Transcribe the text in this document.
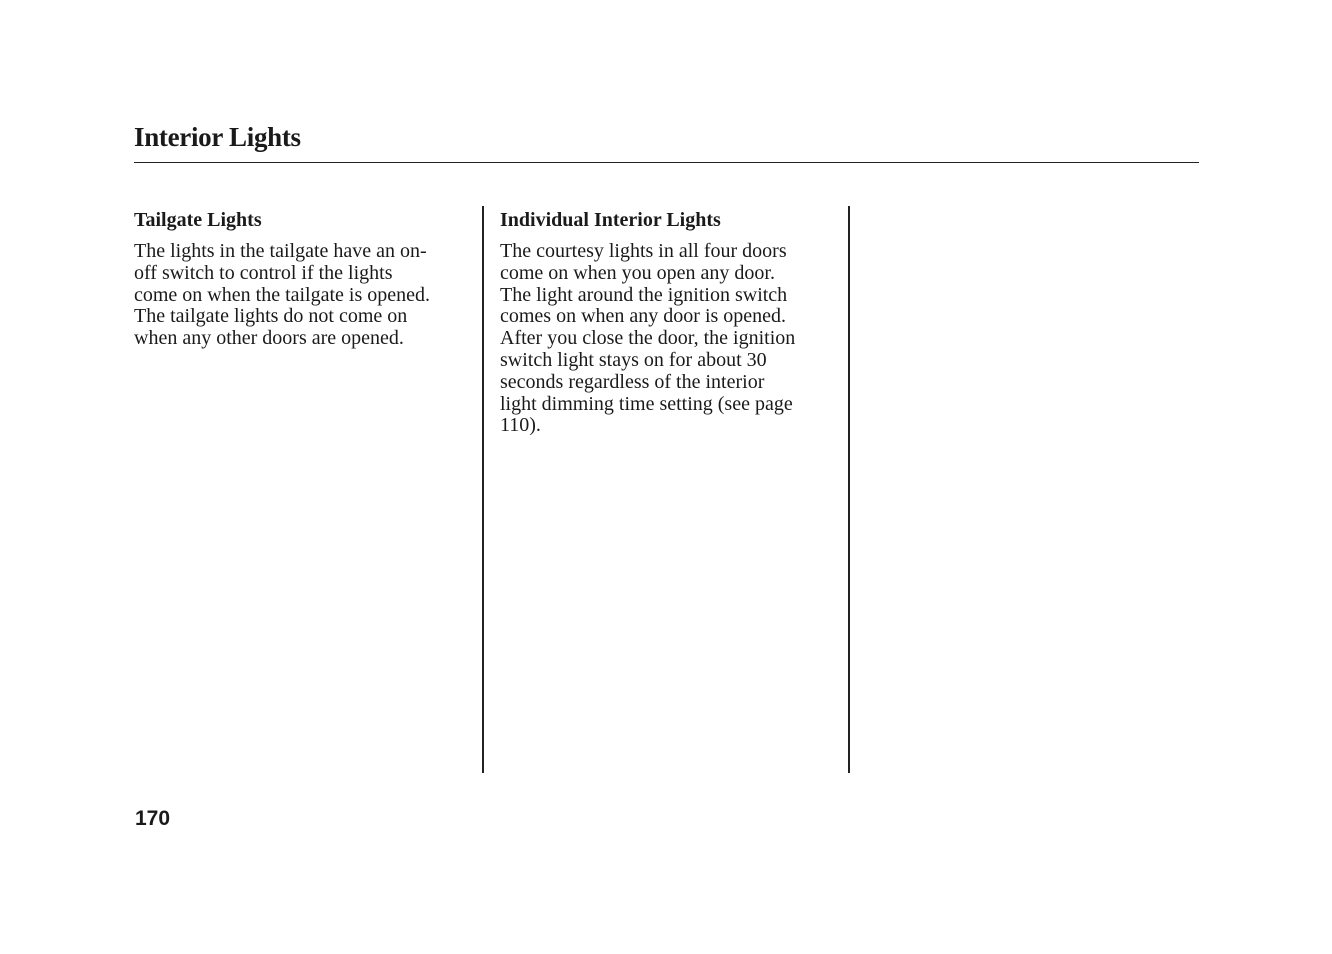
Interior Lights
Tailgate Lights
The lights in the tailgate have an on-
off switch to control if the lights
come on when the tailgate is opened.
The tailgate lights do not come on
when any other doors are opened.
Individual Interior Lights
The courtesy lights in all four doors
come on when you open any door.
The light around the ignition switch
comes on when any door is opened.
After you close the door, the ignition
switch light stays on for about 30
seconds regardless of the interior
light dimming time setting (see page
110).
170
